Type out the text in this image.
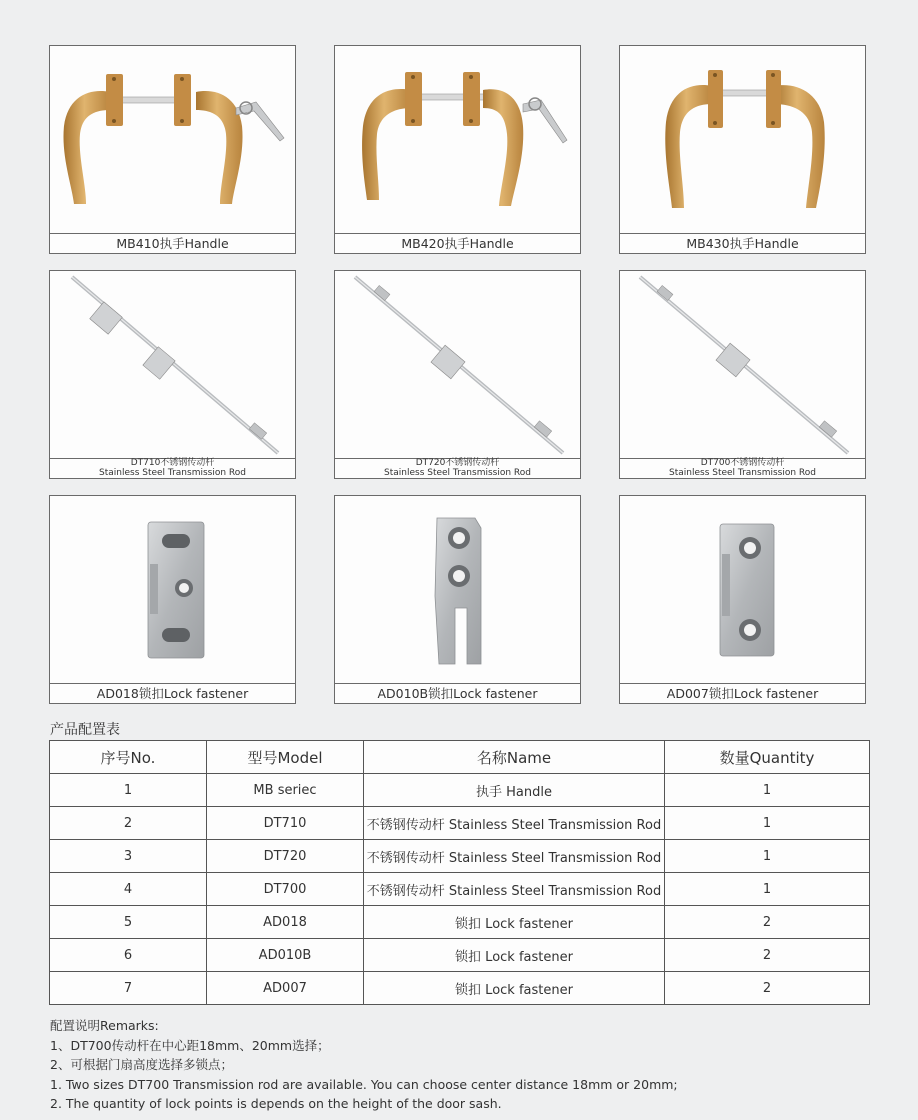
MB410执手Handle	MB420执手Handle	MB430执手Handle
DT710不锈钢传动杆
Stainless Steel Transmission Rod
DT720不锈钢传动杆
Stainless Steel Transmission Rod
DT700不锈钢传动杆
Stainless Steel Transmission Rod
AD018锁扣Lock fastener	AD010B锁扣Lock fastener	AD007锁扣Lock fastener
产品配置表
序号No.	型号Model	名称Name	数量Quantity
1	MB seriec	执手 Handle	1
2	DT710	不锈钢传动杆 Stainless Steel Transmission Rod	1
3	DT720	不锈钢传动杆 Stainless Steel Transmission Rod	1
4	DT700	不锈钢传动杆 Stainless Steel Transmission Rod	1
5	AD018	锁扣 Lock fastener	2
6	AD010B	锁扣 Lock fastener	2
7	AD007	锁扣 Lock fastener	2
配置说明Remarks:
1、DT700传动杆在中心距18mm、20mm选择；
2、可根据门扇高度选择多锁点；
1. Two sizes DT700 Transmission rod are available. You can choose center distance 18mm or 20mm;
2. The quantity of lock points is depends on the height of the door sash.
